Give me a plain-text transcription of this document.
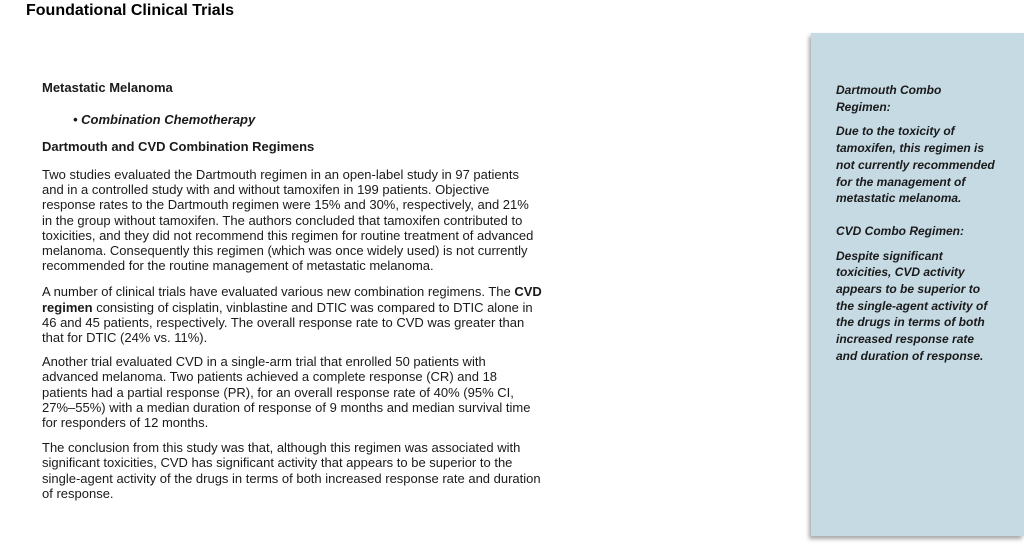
Foundational Clinical Trials
Metastatic Melanoma
• Combination Chemotherapy
Dartmouth and CVD Combination Regimens

Two studies evaluated the Dartmouth regimen in an open-label study in 97 patients and in a controlled study with and without tamoxifen in 199 patients. Objective response rates to the Dartmouth regimen were 15% and 30%, respectively, and 21% in the group without tamoxifen. The authors concluded that tamoxifen contributed to toxicities, and they did not recommend this regimen for routine treatment of advanced melanoma. Consequently this regimen (which was once widely used) is not currently recommended for the routine management of metastatic melanoma.

A number of clinical trials have evaluated various new combination regimens. The CVD regimen consisting of cisplatin, vinblastine and DTIC was compared to DTIC alone in 46 and 45 patients, respectively. The overall response rate to CVD was greater than that for DTIC (24% vs. 11%).

Another trial evaluated CVD in a single-arm trial that enrolled 50 patients with advanced melanoma. Two patients achieved a complete response (CR) and 18 patients had a partial response (PR), for an overall response rate of 40% (95% CI, 27%–55%) with a median duration of response of 9 months and median survival time for responders of 12 months.

The conclusion from this study was that, although this regimen was associated with significant toxicities, CVD has significant activity that appears to be superior to the single-agent activity of the drugs in terms of both increased response rate and duration of response.

Dartmouth Combo Regimen:

Due to the toxicity of tamoxifen, this regimen is not currently recommended for the management of metastatic melanoma.

CVD Combo Regimen:

Despite significant toxicities, CVD activity appears to be superior to the single-agent activity of the drugs in terms of both increased response rate and duration of response.
